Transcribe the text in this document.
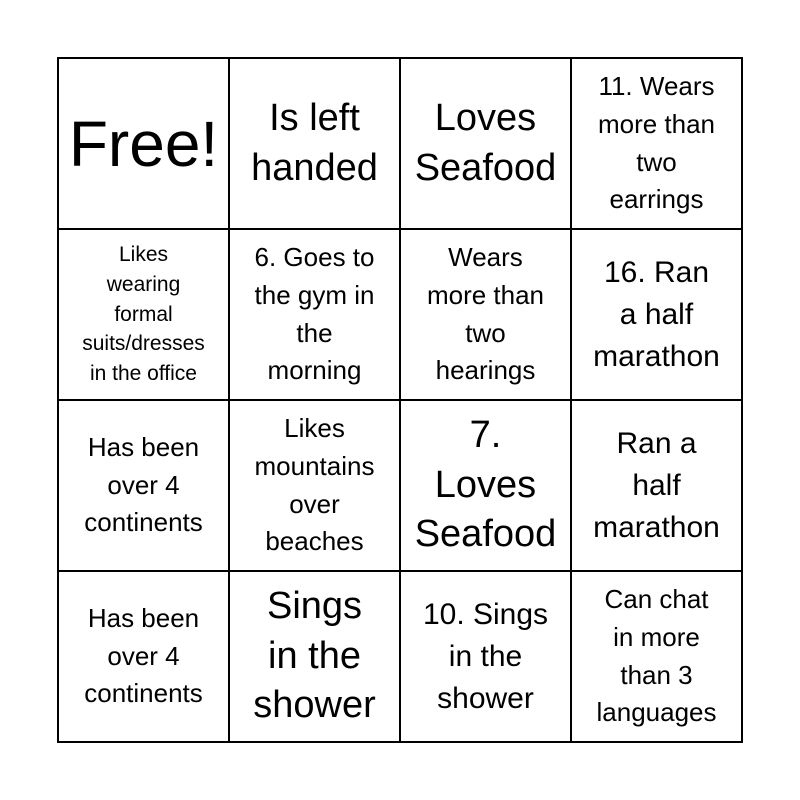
Free!	Is left
handed
Loves
Seafood
11. Wears
more than
two
earrings
Likes
wearing
formal
suits/dresses
in the office
6. Goes to
the gym in
the
morning
Wears
more than
two
hearings
16. Ran
a half
marathon
Has been
over 4
continents
Likes
mountains
over
beaches
7.
Loves
Seafood
Ran a
half
marathon
Has been
over 4
continents
Sings
in the
shower
10. Sings
in the
shower
Can chat
in more
than 3
languages
